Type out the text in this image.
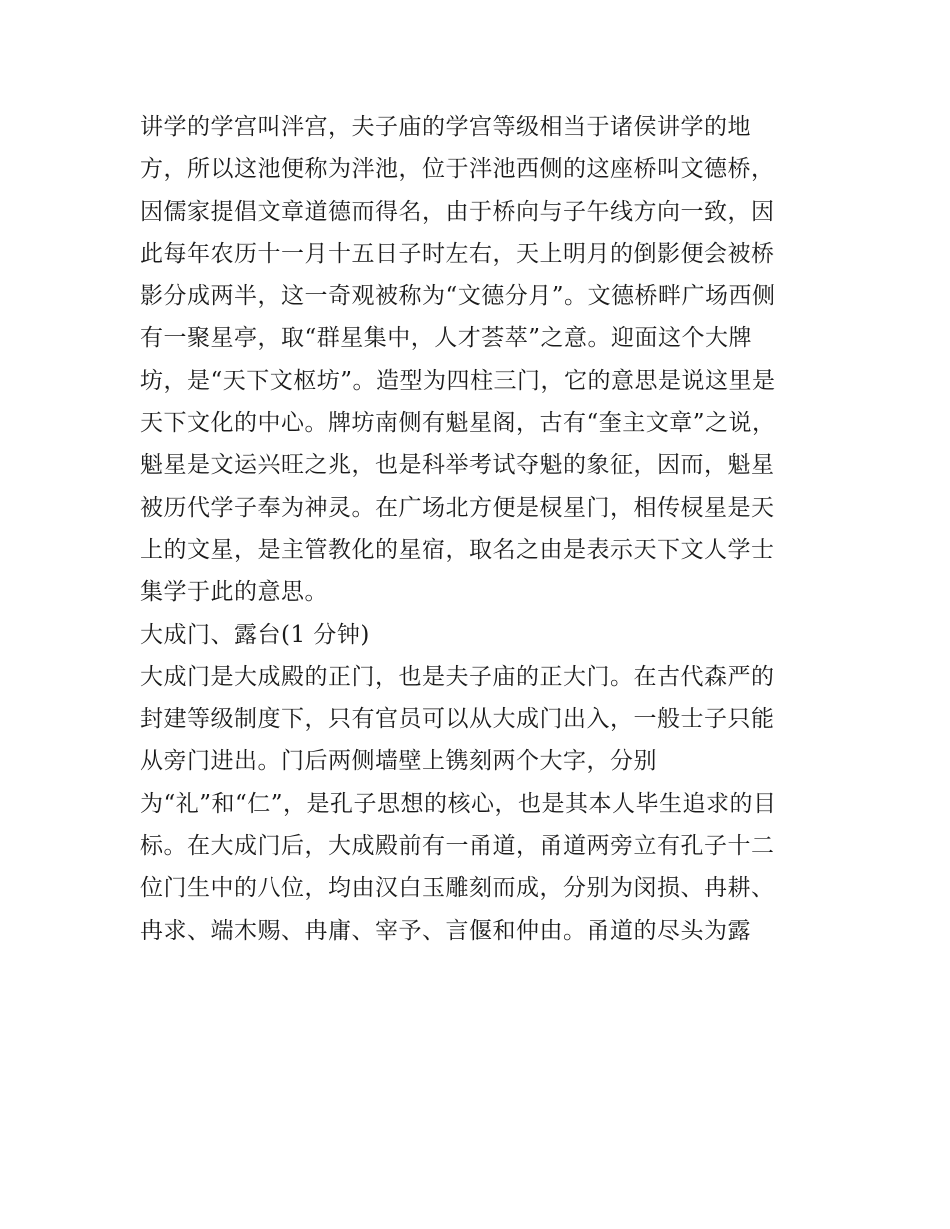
讲学的学宫叫泮宫，夫子庙的学宫等级相当于诸侯讲学的地
方，所以这池便称为泮池，位于泮池西侧的这座桥叫文德桥，
因儒家提倡文章道德而得名，由于桥向与子午线方向一致，因
此每年农历十一月十五日子时左右，天上明月的倒影便会被桥
影分成两半，这一奇观被称为“文德分月”。文德桥畔广场西侧
有一聚星亭，取“群星集中，人才荟萃”之意。迎面这个大牌
坊，是“天下文枢坊”。造型为四柱三门，它的意思是说这里是
天下文化的中心。牌坊南侧有魁星阁，古有“奎主文章”之说，
魁星是文运兴旺之兆，也是科举考试夺魁的象征，因而，魁星
被历代学子奉为神灵。在广场北方便是棂星门，相传棂星是天
上的文星，是主管教化的星宿，取名之由是表示天下文人学士
集学于此的意思。
大成门、露台(1 分钟)
大成门是大成殿的正门，也是夫子庙的正大门。在古代森严的
封建等级制度下，只有官员可以从大成门出入，一般士子只能
从旁门进出。门后两侧墙壁上镌刻两个大字，分别
为“礼”和“仁”，是孔子思想的核心，也是其本人毕生追求的目
标。在大成门后，大成殿前有一甬道，甬道两旁立有孔子十二
位门生中的八位，均由汉白玉雕刻而成，分别为闵损、冉耕、
冉求、端木赐、冉庸、宰予、言偃和仲由。甬道的尽头为露
